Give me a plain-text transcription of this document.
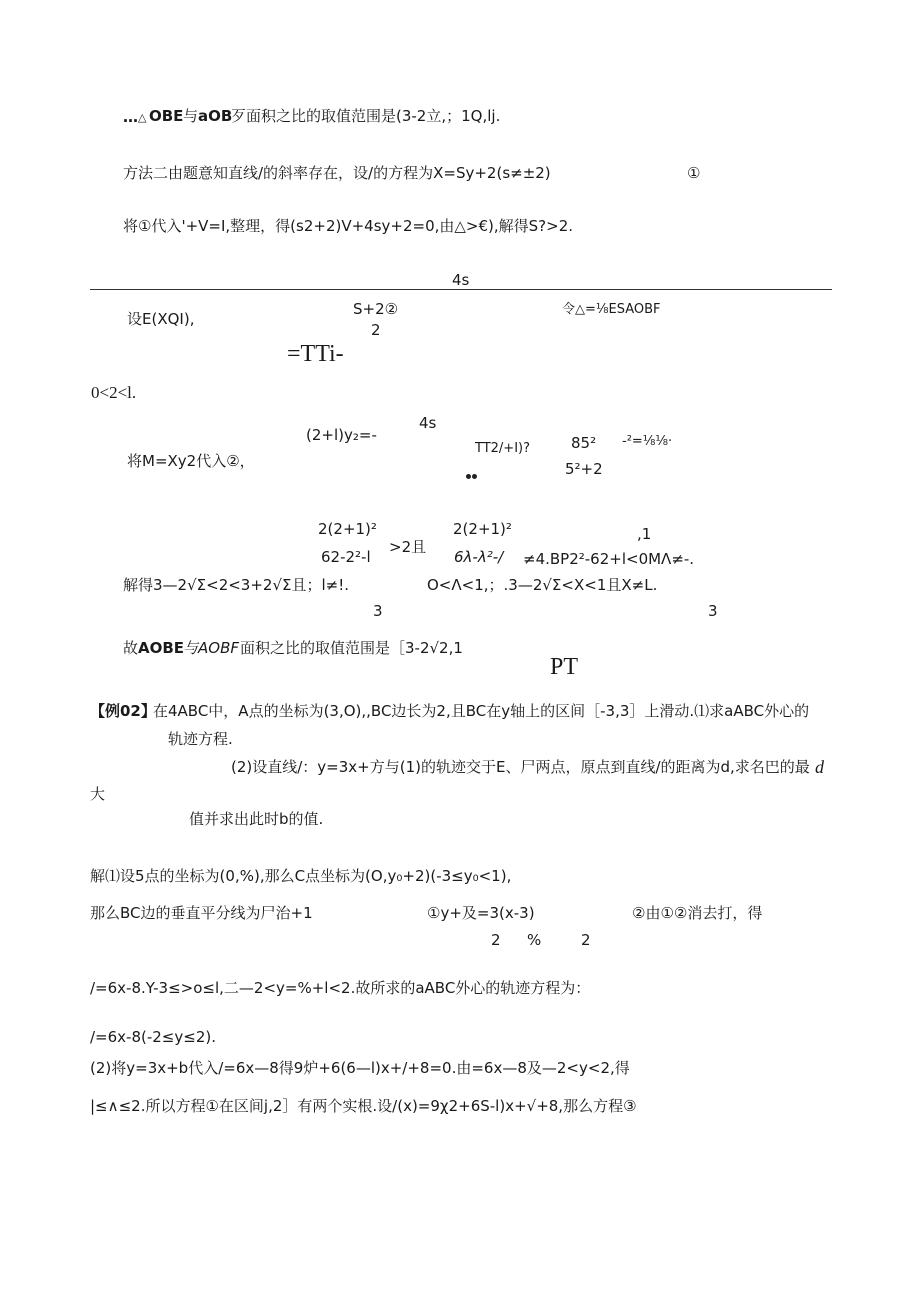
… △ OBE 与 aOB
歹面积之比的取值范围是(3-2立,；1Q,lj.
方法二由题意知直线/的斜率存在，设/的方程为X=Sy+2(s≠±2)	①
将①代入'+V=I,整理，得(s2+2)V+4sy+2=0,由△>€),解得S?>2.
4s
设E(XQI),
S+2②	令△=⅛ESAOBF
2
=TTi-
0<2<l.
4s
(2+l)y₂=-
TT2/+I)?	85² -²=⅛⅛·
将M=Xy2代入②，	5²+2
2(2+1)²	2(2+1)²	,1
62-2²-l
>2且
6λ-λ²-/ ≠4.BP2²-62+l<0MΛ≠-.
解得3—2√Σ<2<3+2√Σ且；l≠!.	O<Λ<1,；.3—2√Σ<X<1且X≠L.
3	3
故 AOBE
与 AOBF 面积之比的取值范围是［3-2√2,1
PT
【例02】
在4ABC中，A点的坐标为(3,O),,BC边长为2,且BC在y轴上的区间［-3,3］上滑动.⑴求aABC外心的
轨迹方程.
(2)设直线/：y=3x+方与(1)的轨迹交于E、尸两点，原点到直线/的距离为d,求名巴的最 d
大
值并求出此时b的值.
解⑴设5点的坐标为(0,%),那么C点坐标为(O,y₀+2)(-3≤y₀<1),
那么BC边的垂直平分线为尸治+1	①y+及=3(x-3)	②由①②消去打，得
2 %	2
/=6x-8.Y-3≤>o≤l,二—2<y=%+l<2.故所求的aABC外心的轨迹方程为：
/=6x-8(-2≤y≤2).
(2)将y=3x+b代入/=6x—8得9炉+6(6—l)x+/+8=0.由=6x—8及—2<y<2,得
|≤∧≤2.所以方程①在区间j,2］有两个实根.设/(x)=9χ2+6S-l)x+√+8,那么方程③
